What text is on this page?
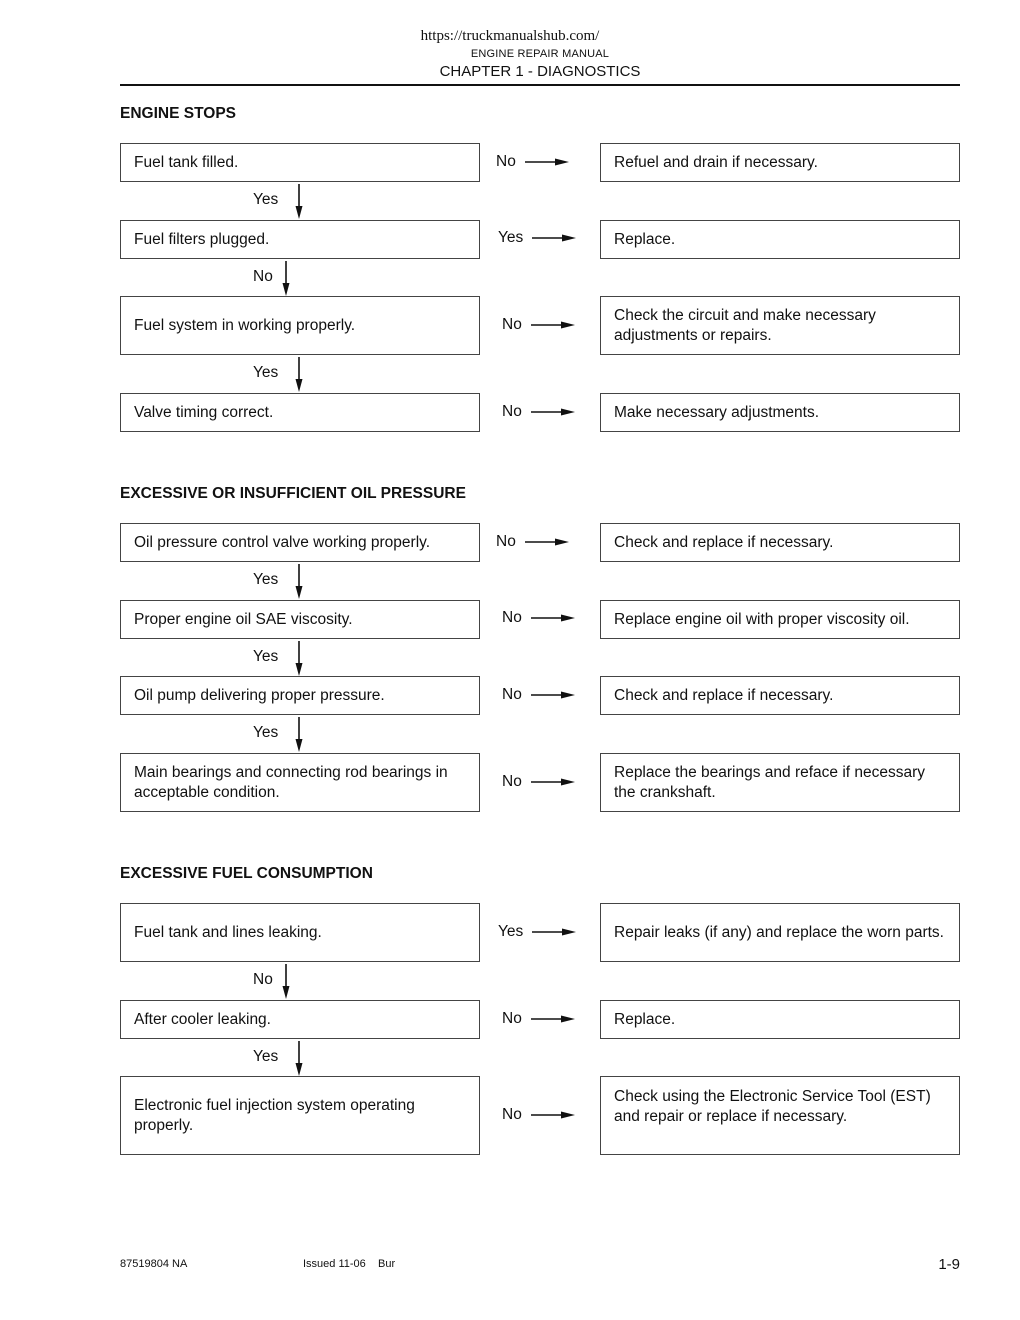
https://truckmanualshub.com/
ENGINE REPAIR MANUAL
CHAPTER 1 - DIAGNOSTICS
ENGINE STOPS
Fuel tank filled.	No	Refuel and drain if necessary.
Yes
Fuel filters plugged.	Yes	Replace.
No
Fuel system in working properly.	No
Check the circuit and make necessary adjustments or repairs.
Yes
Valve timing correct.	No	Make necessary adjustments.
EXCESSIVE OR INSUFFICIENT OIL PRESSURE
Oil pressure control valve working properly.	No	Check and replace if necessary.
Yes
Proper engine oil SAE viscosity.	No	Replace engine oil with proper viscosity oil.
Yes
Oil pump delivering proper pressure.	No	Check and replace if necessary.
Yes
Main bearings and connecting rod bearings in acceptable condition.
No
Replace the bearings and reface if necessary the crankshaft.
EXCESSIVE FUEL CONSUMPTION
Fuel tank and lines leaking.	Yes	Repair leaks (if any) and replace the worn parts.
No
After cooler leaking.	No	Replace.
Yes
Electronic fuel injection system operating properly.
No
Check using the Electronic Service Tool (EST) and repair or replace if necessary.
87519804 NA	Issued 11-06    Bur	1-9
